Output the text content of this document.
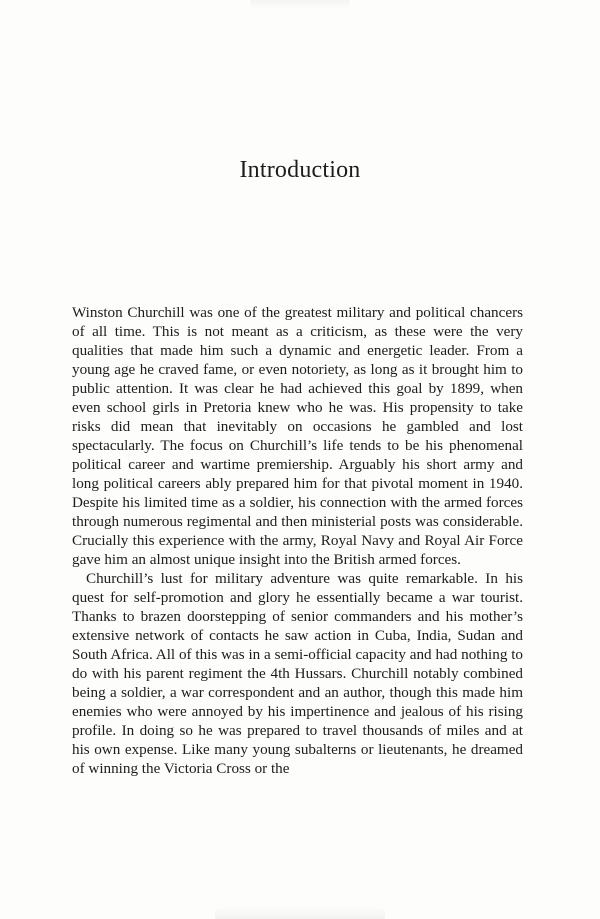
Introduction

Winston Churchill was one of the greatest military and political chancers of all time. This is not meant as a criticism, as these were the very qualities that made him such a dynamic and energetic leader. From a young age he craved fame, or even notoriety, as long as it brought him to public attention. It was clear he had achieved this goal by 1899, when even school girls in Pretoria knew who he was. His propensity to take risks did mean that inevitably on occasions he gambled and lost spectacularly. The focus on Churchill’s life tends to be his phenomenal political career and wartime premiership. Arguably his short army and long political careers ably prepared him for that pivotal moment in 1940. Despite his limited time as a soldier, his connection with the armed forces through numerous regimental and then ministerial posts was considerable. Crucially this experience with the army, Royal Navy and Royal Air Force gave him an almost unique insight into the British armed forces.

Churchill’s lust for military adventure was quite remarkable. In his quest for self-promotion and glory he essentially became a war tourist. Thanks to brazen doorstepping of senior commanders and his mother’s extensive network of contacts he saw action in Cuba, India, Sudan and South Africa. All of this was in a semi-official capacity and had nothing to do with his parent regiment the 4th Hussars. Churchill notably combined being a soldier, a war correspondent and an author, though this made him enemies who were annoyed by his impertinence and jealous of his rising profile. In doing so he was prepared to travel thousands of miles and at his own expense. Like many young subalterns or lieutenants, he dreamed of winning the Victoria Cross or the
